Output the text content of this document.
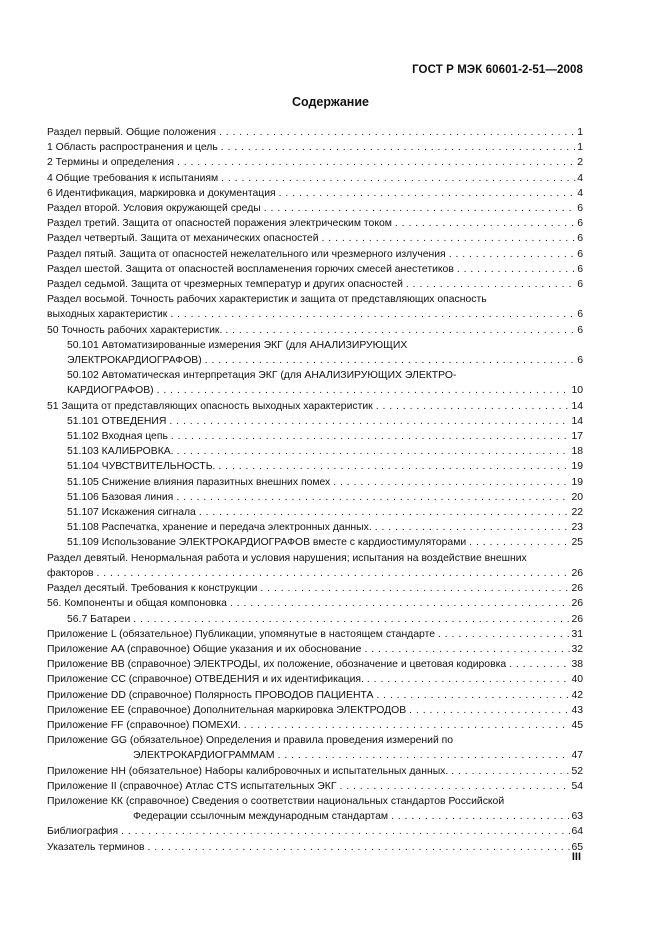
ГОСТ Р МЭК 60601-2-51—2008
Содержание
Раздел первый. Общие положения . . .	1
1 Область распространения и цель . . .	1
2 Термины и определения . . .	2
4 Общие требования к испытаниям . . .	4
6 Идентификация, маркировка и документация . . .	4
Раздел второй. Условия окружающей среды . . .	6
Раздел третий. Защита от опасностей поражения электрическим током . . .	6
Раздел четвертый. Защита от механических опасностей . . .	6
Раздел пятый. Защита от опасностей нежелательного или чрезмерного излучения . . .	6
Раздел шестой. Защита от опасностей воспламенения горючих смесей анестетиков . . .	6
Раздел седьмой. Защита от чрезмерных температур и других опасностей . . .	6
Раздел восьмой. Точность рабочих характеристик и защита от представляющих опасность
выходных характеристик . . .	6
50 Точность рабочих характеристик. . . .	6
50.101 Автоматизированные измерения ЭКГ (для АНАЛИЗИРУЮЩИХ
ЭЛЕКТРОКАРДИОГРАФОВ) . . .	6
50.102 Автоматическая интерпретация ЭКГ (для АНАЛИЗИРУЮЩИХ ЭЛЕКТРО-
КАРДИОГРАФОВ) . . .	10
51 Защита от представляющих опасность выходных характеристик . . .	14
51.101 ОТВЕДЕНИЯ . . .	14
51.102 Входная цепь . . .	17
51.103 КАЛИБРОВКА. . . .	18
51.104 ЧУВСТВИТЕЛЬНОСТЬ. . . .	19
51.105 Снижение влияния паразитных внешних помех . . .	19
51.106 Базовая линия . . .	20
51.107 Искажения сигнала . . .	22
51.108 Распечатка, хранение и передача электронных данных. . . .	23
51.109 Использование ЭЛЕКТРОКАРДИОГРАФОВ вместе с кардиостимуляторами . . .	25
Раздел девятый. Ненормальная работа и условия нарушения; испытания на воздействие внешних
факторов . . .	26
Раздел десятый. Требования к конструкции . . .	26
56. Компоненты и общая компоновка . . .	26
56.7 Батареи . . .	26
Приложение L (обязательное) Публикации, упомянутые в настоящем стандарте . . .	31
Приложение AA (справочное) Общие указания и их обоснование . . .	32
Приложение BB (справочное) ЭЛЕКТРОДЫ, их положение, обозначение и цветовая кодировка . . .	38
Приложение CC (справочное) ОТВЕДЕНИЯ и их идентификация. . . .	40
Приложение DD (справочное) Полярность ПРОВОДОВ ПАЦИЕНТА . . .	42
Приложение EE (справочное) Дополнительная маркировка ЭЛЕКТРОДОВ . . .	43
Приложение FF (справочное) ПОМЕХИ. . . .	45
Приложение GG (обязательное) Определения и правила проведения измерений по
ЭЛЕКТРОКАРДИОГРАММАМ . . .	47
Приложение HH (обязательное) Наборы калибровочных и испытательных данных. . . .	52
Приложение II (справочное) Атлас CTS испытательных ЭКГ . . .	54
Приложение КК (справочное) Сведения о соответствии национальных стандартов Российской
Федерации ссылочным международным стандартам . . .	63
Библиография . . .	64
Указатель терминов . . .	65
III
